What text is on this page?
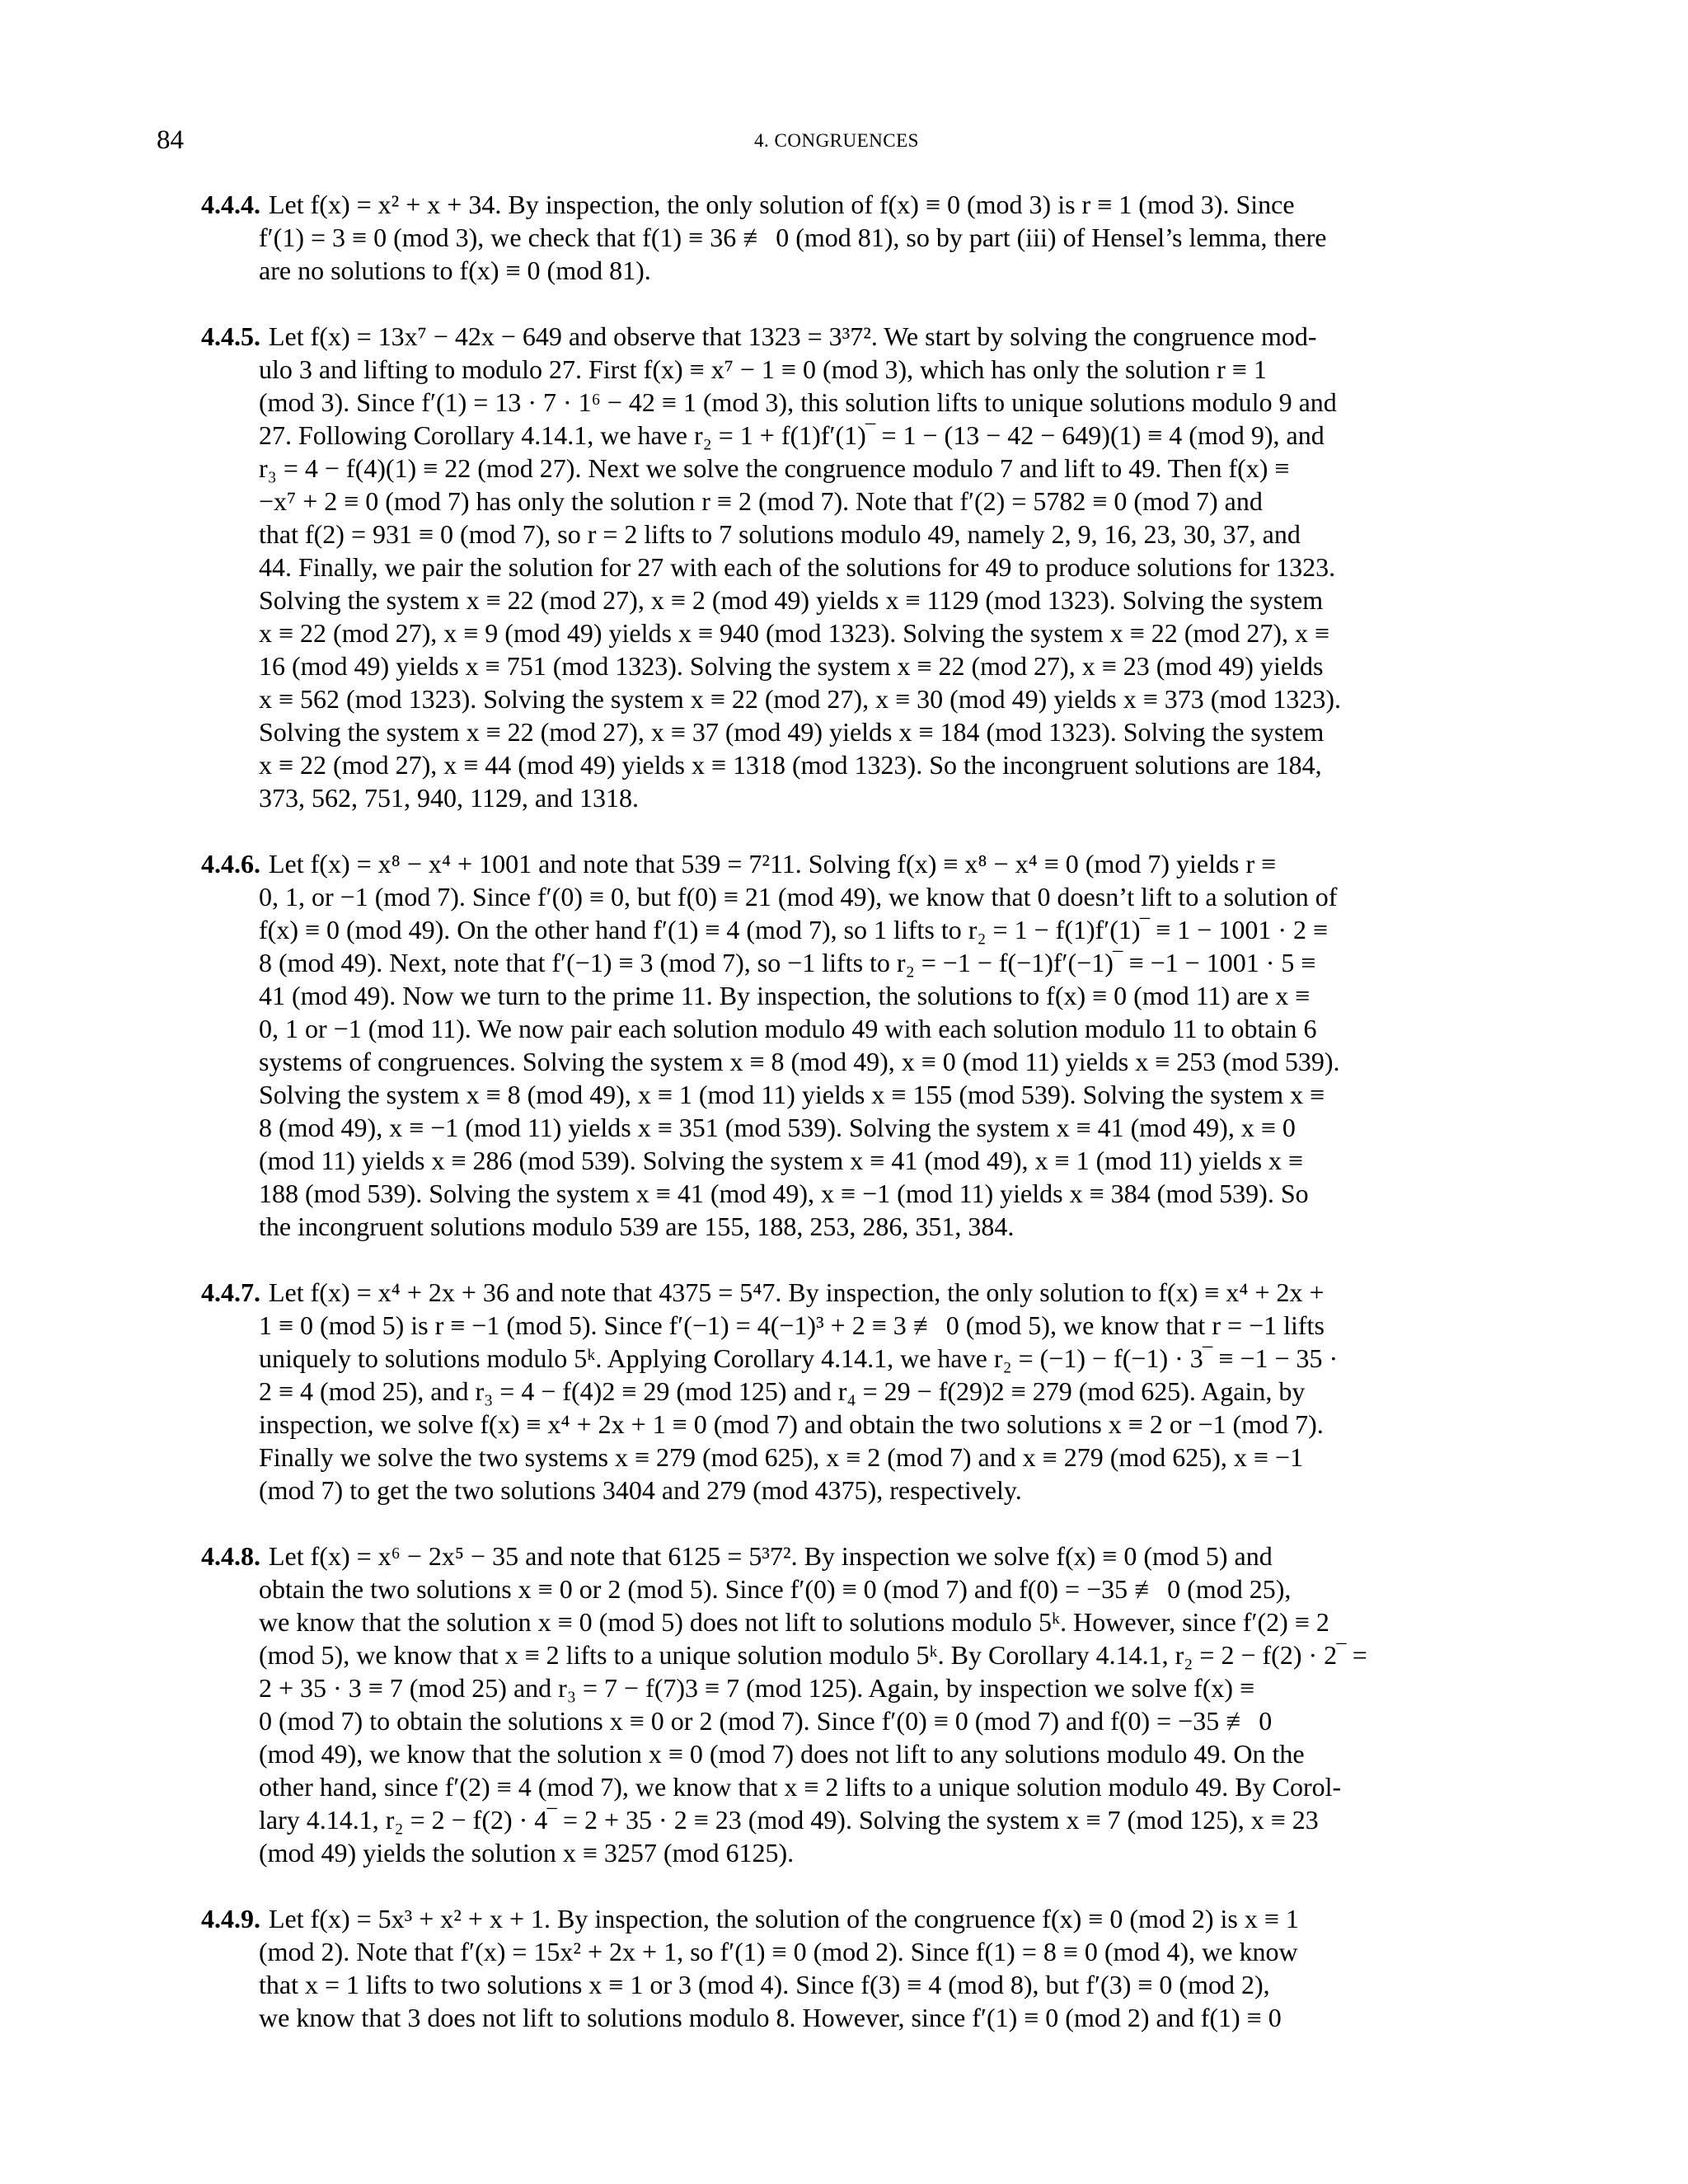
84	4. CONGRUENCES
4.4.4. Let f(x) = x² + x + 34. By inspection, the only solution of f(x) ≡ 0 (mod 3) is r ≡ 1 (mod 3). Since
f′(1) = 3 ≡ 0 (mod 3), we check that f(1) ≡ 36 ≢ 0 (mod 81), so by part (iii) of Hensel’s lemma, there
are no solutions to f(x) ≡ 0 (mod 81).
4.4.5. Let f(x) = 13x⁷ − 42x − 649 and observe that 1323 = 3³7². We start by solving the congruence mod-
ulo 3 and lifting to modulo 27. First f(x) ≡ x⁷ − 1 ≡ 0 (mod 3), which has only the solution r ≡ 1
(mod 3). Since f′(1) = 13 · 7 · 1⁶ − 42 ≡ 1 (mod 3), this solution lifts to unique solutions modulo 9 and
27. Following Corollary 4.14.1, we have r₂ = 1 + f(1)f′(1)‾ = 1 − (13 − 42 − 649)(1) ≡ 4 (mod 9), and
r₃ = 4 − f(4)(1) ≡ 22 (mod 27). Next we solve the congruence modulo 7 and lift to 49. Then f(x) ≡
−x⁷ + 2 ≡ 0 (mod 7) has only the solution r ≡ 2 (mod 7). Note that f′(2) = 5782 ≡ 0 (mod 7) and
that f(2) = 931 ≡ 0 (mod 7), so r = 2 lifts to 7 solutions modulo 49, namely 2, 9, 16, 23, 30, 37, and
44. Finally, we pair the solution for 27 with each of the solutions for 49 to produce solutions for 1323.
Solving the system x ≡ 22 (mod 27), x ≡ 2 (mod 49) yields x ≡ 1129 (mod 1323). Solving the system
x ≡ 22 (mod 27), x ≡ 9 (mod 49) yields x ≡ 940 (mod 1323). Solving the system x ≡ 22 (mod 27), x ≡
16 (mod 49) yields x ≡ 751 (mod 1323). Solving the system x ≡ 22 (mod 27), x ≡ 23 (mod 49) yields
x ≡ 562 (mod 1323). Solving the system x ≡ 22 (mod 27), x ≡ 30 (mod 49) yields x ≡ 373 (mod 1323).
Solving the system x ≡ 22 (mod 27), x ≡ 37 (mod 49) yields x ≡ 184 (mod 1323). Solving the system
x ≡ 22 (mod 27), x ≡ 44 (mod 49) yields x ≡ 1318 (mod 1323). So the incongruent solutions are 184,
373, 562, 751, 940, 1129, and 1318.
4.4.6. Let f(x) = x⁸ − x⁴ + 1001 and note that 539 = 7²11. Solving f(x) ≡ x⁸ − x⁴ ≡ 0 (mod 7) yields r ≡
0, 1, or −1 (mod 7). Since f′(0) ≡ 0, but f(0) ≡ 21 (mod 49), we know that 0 doesn’t lift to a solution of
f(x) ≡ 0 (mod 49). On the other hand f′(1) ≡ 4 (mod 7), so 1 lifts to r₂ = 1 − f(1)f′(1)‾ ≡ 1 − 1001 · 2 ≡
8 (mod 49). Next, note that f′(−1) ≡ 3 (mod 7), so −1 lifts to r₂ = −1 − f(−1)f′(−1)‾ ≡ −1 − 1001 · 5 ≡
41 (mod 49). Now we turn to the prime 11. By inspection, the solutions to f(x) ≡ 0 (mod 11) are x ≡
0, 1 or −1 (mod 11). We now pair each solution modulo 49 with each solution modulo 11 to obtain 6
systems of congruences. Solving the system x ≡ 8 (mod 49), x ≡ 0 (mod 11) yields x ≡ 253 (mod 539).
Solving the system x ≡ 8 (mod 49), x ≡ 1 (mod 11) yields x ≡ 155 (mod 539). Solving the system x ≡
8 (mod 49), x ≡ −1 (mod 11) yields x ≡ 351 (mod 539). Solving the system x ≡ 41 (mod 49), x ≡ 0
(mod 11) yields x ≡ 286 (mod 539). Solving the system x ≡ 41 (mod 49), x ≡ 1 (mod 11) yields x ≡
188 (mod 539). Solving the system x ≡ 41 (mod 49), x ≡ −1 (mod 11) yields x ≡ 384 (mod 539). So
the incongruent solutions modulo 539 are 155, 188, 253, 286, 351, 384.
4.4.7. Let f(x) = x⁴ + 2x + 36 and note that 4375 = 5⁴7. By inspection, the only solution to f(x) ≡ x⁴ + 2x +
1 ≡ 0 (mod 5) is r ≡ −1 (mod 5). Since f′(−1) = 4(−1)³ + 2 ≡ 3 ≢ 0 (mod 5), we know that r = −1 lifts
uniquely to solutions modulo 5ᵏ. Applying Corollary 4.14.1, we have r₂ = (−1) − f(−1) · 3‾ ≡ −1 − 35 ·
2 ≡ 4 (mod 25), and r₃ = 4 − f(4)2 ≡ 29 (mod 125) and r₄ = 29 − f(29)2 ≡ 279 (mod 625). Again, by
inspection, we solve f(x) ≡ x⁴ + 2x + 1 ≡ 0 (mod 7) and obtain the two solutions x ≡ 2 or −1 (mod 7).
Finally we solve the two systems x ≡ 279 (mod 625), x ≡ 2 (mod 7) and x ≡ 279 (mod 625), x ≡ −1
(mod 7) to get the two solutions 3404 and 279 (mod 4375), respectively.
4.4.8. Let f(x) = x⁶ − 2x⁵ − 35 and note that 6125 = 5³7². By inspection we solve f(x) ≡ 0 (mod 5) and
obtain the two solutions x ≡ 0 or 2 (mod 5). Since f′(0) ≡ 0 (mod 7) and f(0) = −35 ≢ 0 (mod 25),
we know that the solution x ≡ 0 (mod 5) does not lift to solutions modulo 5ᵏ. However, since f′(2) ≡ 2
(mod 5), we know that x ≡ 2 lifts to a unique solution modulo 5ᵏ. By Corollary 4.14.1, r₂ = 2 − f(2) · 2‾ =
2 + 35 · 3 ≡ 7 (mod 25) and r₃ = 7 − f(7)3 ≡ 7 (mod 125). Again, by inspection we solve f(x) ≡
0 (mod 7) to obtain the solutions x ≡ 0 or 2 (mod 7). Since f′(0) ≡ 0 (mod 7) and f(0) = −35 ≢ 0
(mod 49), we know that the solution x ≡ 0 (mod 7) does not lift to any solutions modulo 49. On the
other hand, since f′(2) ≡ 4 (mod 7), we know that x ≡ 2 lifts to a unique solution modulo 49. By Corol-
lary 4.14.1, r₂ = 2 − f(2) · 4‾ = 2 + 35 · 2 ≡ 23 (mod 49). Solving the system x ≡ 7 (mod 125), x ≡ 23
(mod 49) yields the solution x ≡ 3257 (mod 6125).
4.4.9. Let f(x) = 5x³ + x² + x + 1. By inspection, the solution of the congruence f(x) ≡ 0 (mod 2) is x ≡ 1
(mod 2). Note that f′(x) = 15x² + 2x + 1, so f′(1) ≡ 0 (mod 2). Since f(1) = 8 ≡ 0 (mod 4), we know
that x = 1 lifts to two solutions x ≡ 1 or 3 (mod 4). Since f(3) ≡ 4 (mod 8), but f′(3) ≡ 0 (mod 2),
we know that 3 does not lift to solutions modulo 8. However, since f′(1) ≡ 0 (mod 2) and f(1) ≡ 0
